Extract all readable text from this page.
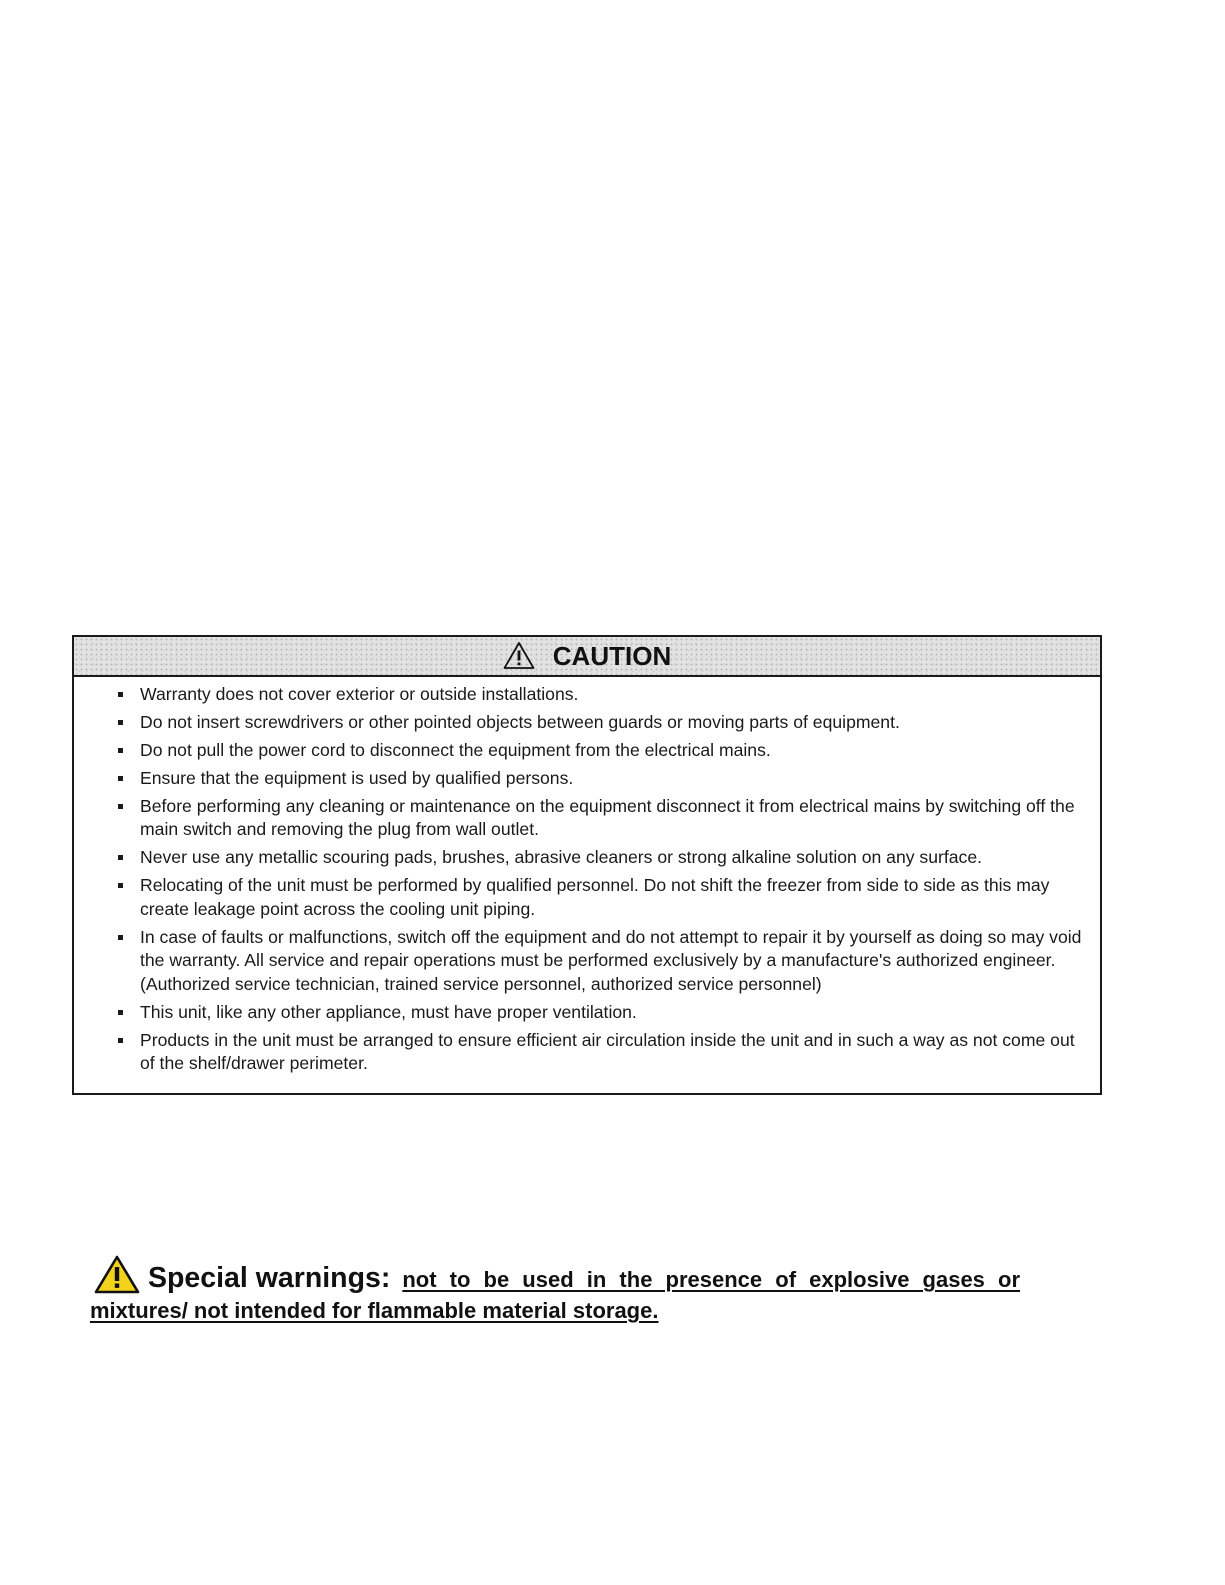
CAUTION
Warranty does not cover exterior or outside installations.
Do not insert screwdrivers or other pointed objects between guards or moving parts of equipment.
Do not pull the power cord to disconnect the equipment from the electrical mains.
Ensure that the equipment is used by qualified persons.
Before performing any cleaning or maintenance on the equipment disconnect it from electrical mains by switching off the main switch and removing the plug from wall outlet.
Never use any metallic scouring pads, brushes, abrasive cleaners or strong alkaline solution on any surface.
Relocating of the unit must be performed by qualified personnel. Do not shift the freezer from side to side as this may create leakage point across the cooling unit piping.
In case of faults or malfunctions, switch off the equipment and do not attempt to repair it by yourself as doing so may void the warranty. All service and repair operations must be performed exclusively by a manufacture's authorized engineer. (Authorized service technician, trained service personnel, authorized service personnel)
This unit, like any other appliance, must have proper ventilation.
Products in the unit must be arranged to ensure efficient air circulation inside the unit and in such a way as not come out of the shelf/drawer perimeter.
Special warnings: not to be used in the presence of explosive gases or
mixtures/ not intended for flammable material storage.
